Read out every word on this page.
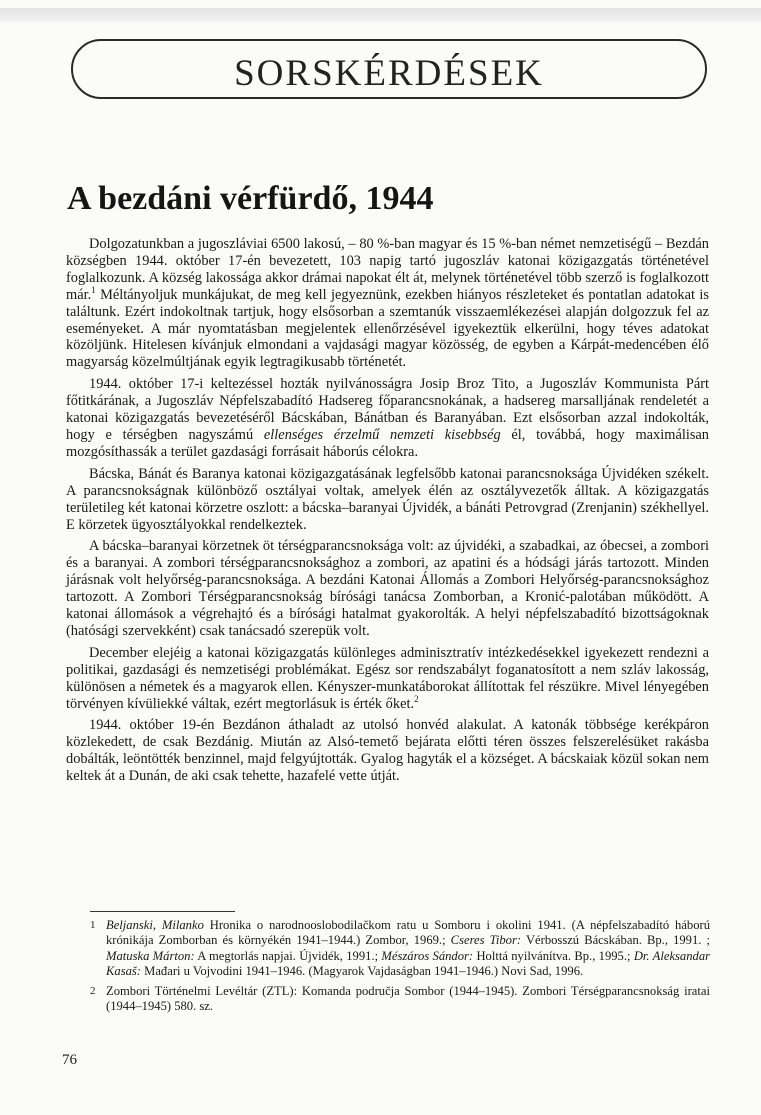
SORSKÉRDÉSEK
A bezdáni vérfürdő, 1944

Dolgozatunkban a jugoszláviai 6500 lakosú, – 80 %-ban magyar és 15 %-ban német nemzetiségű – Bezdán községben 1944. október 17-én bevezetett, 103 napig tartó jugoszláv katonai közigazgatás történetével foglalkozunk. A község lakossága akkor drámai napokat élt át, melynek történetével több szerző is foglalkozott már.$^1$ Méltányoljuk munkájukat, de meg kell jegyeznünk, ezekben hiányos részleteket és pontatlan adatokat is találtunk. Ezért indokoltnak tartjuk, hogy elsősorban a szemtanúk visszaemlékezései alapján dolgozzuk fel az eseményeket. A már nyomtatásban megjelentek ellenőrzésével igyekeztük elkerülni, hogy téves adatokat közöljünk. Hitelesen kívánjuk elmondani a vajdasági magyar közösség, de egyben a Kárpát-medencében élő magyarság közelmúltjának egyik legtragikusabb történetét.

1944. október 17-i keltezéssel hozták nyilvánosságra Josip Broz Tito, a Jugoszláv Kommunista Párt főtitkárának, a Jugoszláv Népfelszabadító Hadsereg főparancsnokának, a hadsereg marsalljának rendeletét a katonai közigazgatás bevezetéséről Bácskában, Bánátban és Baranyában. Ezt elsősorban azzal indokolták, hogy e térségben nagyszámú ellenséges érzelmű nemzeti kisebbség él, továbbá, hogy maximálisan mozgósíthassák a terület gazdasági forrásait háborús célokra.

Bácska, Bánát és Baranya katonai közigazgatásának legfelsőbb katonai parancsnoksága Újvidéken székelt. A parancsnokságnak különböző osztályai voltak, amelyek élén az osztályvezetők álltak. A közigazgatás területileg két katonai körzetre oszlott: a bácska–baranyai Újvidék, a bánáti Petrovgrad (Zrenjanin) székhellyel. E körzetek ügyosztályokkal rendelkeztek.

A bácska–baranyai körzetnek öt térségparancsnoksága volt: az újvidéki, a szabadkai, az óbecsei, a zombori és a baranyai. A zombori térségparancsnoksághoz a zombori, az apatini és a hódsági járás tartozott. Minden járásnak volt helyőrség-parancsnoksága. A bezdáni Katonai Állomás a Zombori Helyőrség-parancsnoksághoz tartozott. A Zombori Térségparancsnokság bírósági tanácsa Zomborban, a Kronić-palotában működött. A katonai állomások a végrehajtó és a bírósági hatalmat gyakorolták. A helyi népfelszabadító bizottságoknak (hatósági szervekként) csak tanácsadó szerepük volt.

December elejéig a katonai közigazgatás különleges adminisztratív intézkedésekkel igyekezett rendezni a politikai, gazdasági és nemzetiségi problémákat. Egész sor rendszabályt foganatosított a nem szláv lakosság, különösen a németek és a magyarok ellen. Kényszer-munkatáborokat állítottak fel részükre. Mivel lényegében törvényen kívüliekké váltak, ezért megtorlásuk is érték őket.$^2$

1944. október 19-én Bezdánon áthaladt az utolsó honvéd alakulat. A katonák többsége kerékpáron közlekedett, de csak Bezdánig. Miután az Alsó-temető bejárata előtti téren összes felszerelésüket rakásba dobálták, leöntötték benzinnel, majd felgyújtották. Gyalog hagyták el a községet. A bácskaiak közül sokan nem keltek át a Dunán, de aki csak tehette, hazafelé vette útját.

1 Beljanski, Milanko Hronika o narodnooslobodilačkom ratu u Somboru i okolini 1941. (A népfelszabadító háború krónikája Zomborban és környékén 1941–1944.) Zombor, 1969.; Cseres Tibor: Vérbosszú Bácskában. Bp., 1991. ; Matuska Márton: A megtorlás napjai. Újvidék, 1991.; Mészáros Sándor: Holttá nyilvánítva. Bp., 1995.; Dr. Aleksandar Kasaš: Mađari u Vojvodini 1941–1946. (Magyarok Vajdaságban 1941–1946.) Novi Sad, 1996.
2 Zombori Történelmi Levéltár (ZTL): Komanda područja Sombor (1944–1945). Zombori Térségparancsnokság iratai (1944–1945) 580. sz.
76
